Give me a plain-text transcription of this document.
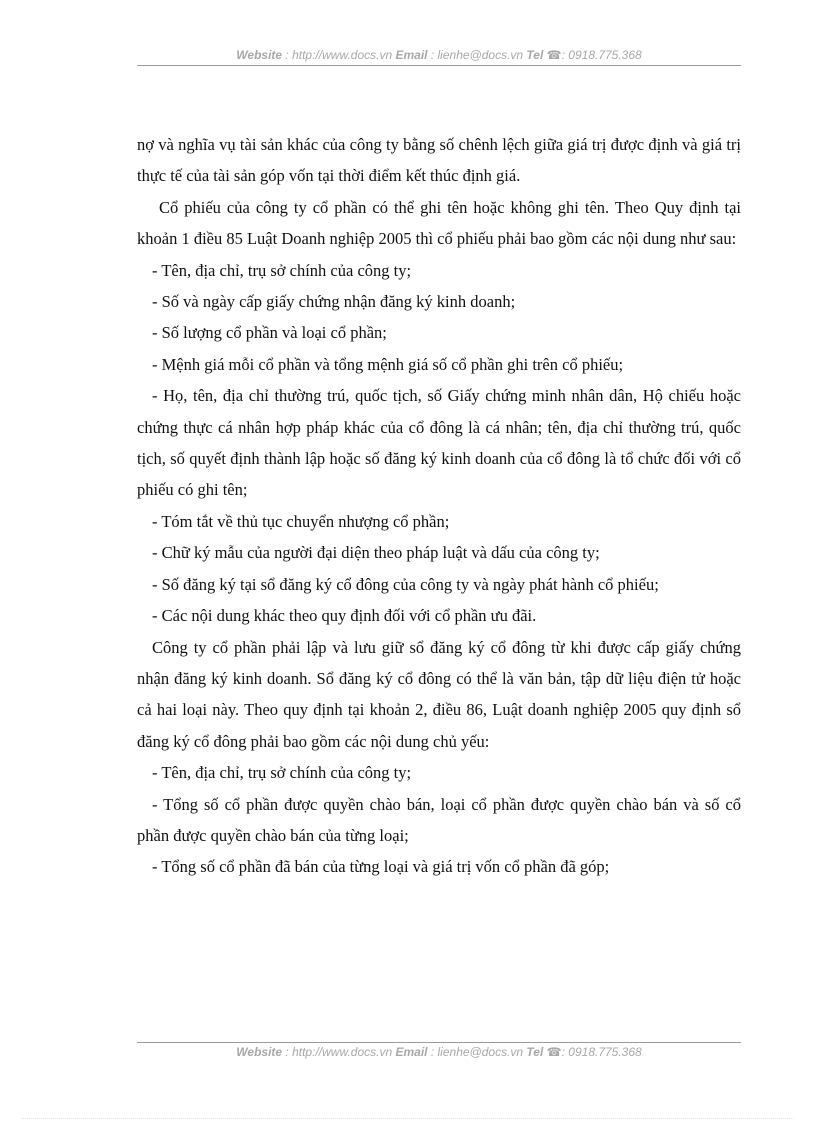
Website : http://www.docs.vn Email : lienhe@docs.vn Tel ☎: 0918.775.368

nợ và nghĩa vụ tài sản khác của công ty bằng số chênh lệch giữa giá trị được định và giá trị thực tế của tài sản góp vốn tại thời điểm kết thúc định giá.

Cổ phiếu của công ty cổ phần có thể ghi tên hoặc không ghi tên. Theo Quy định tại khoản 1 điều 85 Luật Doanh nghiệp 2005 thì cổ phiếu phải bao gồm các nội dung như sau:

- Tên, địa chỉ, trụ sở chính của công ty;

- Số và ngày cấp giấy chứng nhận đăng ký kinh doanh;

- Số lượng cổ phần và loại cổ phần;

- Mệnh giá mỗi cổ phần và tổng mệnh giá số cổ phần ghi trên cổ phiếu;

- Họ, tên, địa chỉ thường trú, quốc tịch, số Giấy chứng minh nhân dân, Hộ chiếu hoặc chứng thực cá nhân hợp pháp khác của cổ đông là cá nhân; tên, địa chỉ thường trú, quốc tịch, số quyết định thành lập hoặc số đăng ký kinh doanh của cổ đông là tổ chức đối với cổ phiếu có ghi tên;

- Tóm tắt về thủ tục chuyển nhượng cổ phần;

- Chữ ký mẫu của người đại diện theo pháp luật và dấu của công ty;

- Số đăng ký tại sổ đăng ký cổ đông của công ty và ngày phát hành cổ phiếu;

- Các nội dung khác theo quy định đối với cổ phần ưu đãi.

Công ty cổ phần phải lập và lưu giữ sổ đăng ký cổ đông từ khi được cấp giấy chứng nhận đăng ký kinh doanh. Sổ đăng ký cổ đông có thể là văn bản, tập dữ liệu điện tử hoặc cả hai loại này. Theo quy định tại khoản 2, điều 86, Luật doanh nghiệp 2005 quy định sổ đăng ký cổ đông phải bao gồm các nội dung chủ yếu:

- Tên, địa chỉ, trụ sở chính của công ty;

- Tổng số cổ phần được quyền chào bán, loại cổ phần được quyền chào bán và số cổ phần được quyền chào bán của từng loại;

- Tổng số cổ phần đã bán của từng loại và giá trị vốn cổ phần đã góp;

Website : http://www.docs.vn Email : lienhe@docs.vn Tel ☎: 0918.775.368
